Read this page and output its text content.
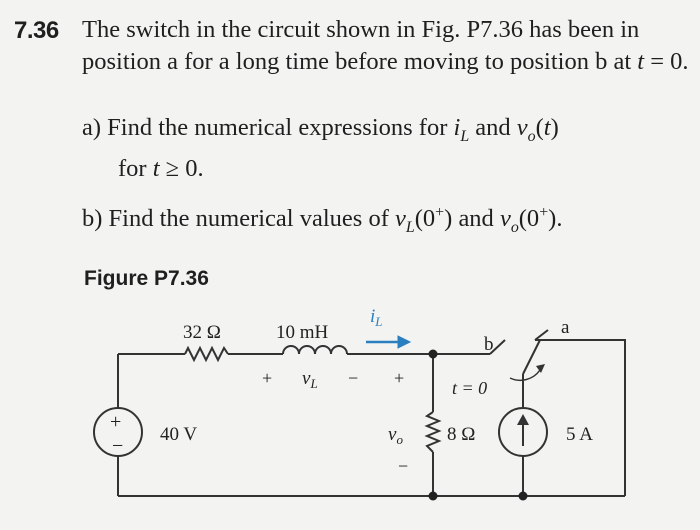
7.36 The switch in the circuit shown in Fig. P7.36 has been in position a for a long time before moving to position b at t = 0.
a) Find the numerical expressions for $i_L$ and $v_o(t)$
for t ≥ 0.
b) Find the numerical values of $v_L(0^+)$ and $v_o(0^+)$.
Figure P7.36
32 Ω	10 mH
+ $v_L$ −
$i_L$
+
$v_o$
−
8 Ω
+
−
40 V	5 A
b
a
t = 0
